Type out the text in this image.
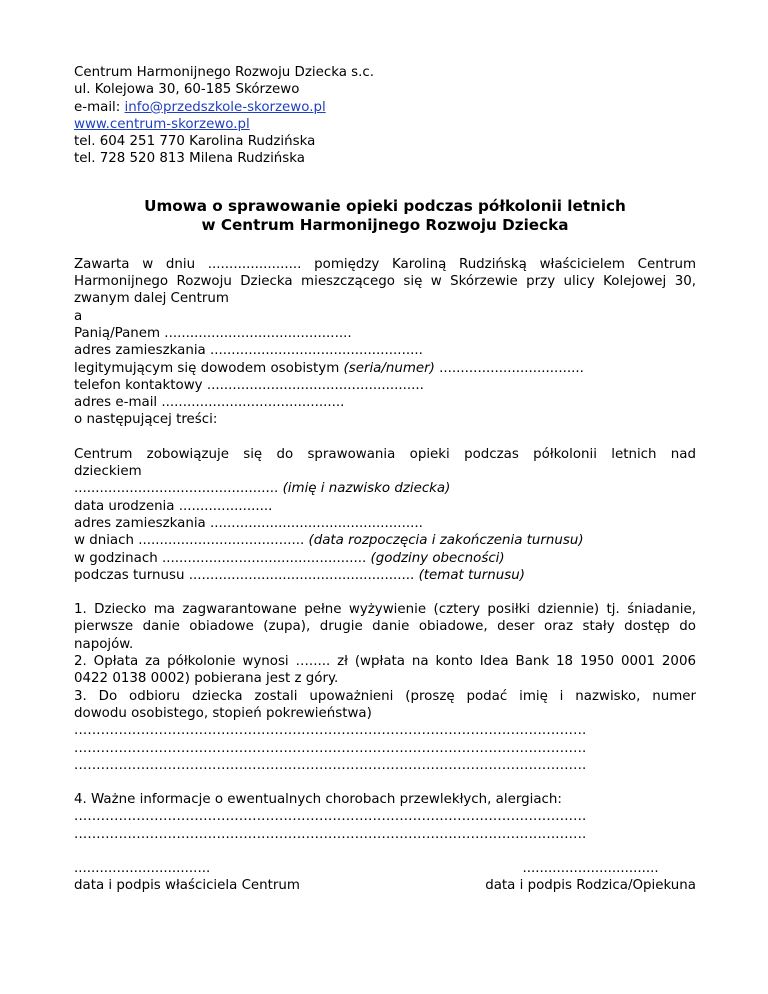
Centrum Harmonijnego Rozwoju Dziecka s.c.
ul. Kolejowa 30, 60-185 Skórzewo
e-mail: info@przedszkole-skorzewo.pl
www.centrum-skorzewo.pl
tel. 604 251 770 Karolina Rudzińska
tel. 728 520 813 Milena Rudzińska
Umowa o sprawowanie opieki podczas półkolonii letnich
w Centrum Harmonijnego Rozwoju Dziecka
Zawarta w dniu ...................... pomiędzy Karoliną Rudzińską właścicielem Centrum
Harmonijnego Rozwoju Dziecka mieszczącego się w Skórzewie przy ulicy Kolejowej 30,
zwanym dalej Centrum
a
Panią/Panem ............................................
adres zamieszkania ..................................................
legitymującym się dowodem osobistym (seria/numer) ..................................
telefon kontaktowy ...................................................
adres e-mail ...........................................
o następującej treści:
Centrum zobowiązuje się do sprawowania opieki podczas półkolonii letnich nad
dzieckiem
................................................ (imię i nazwisko dziecka)
data urodzenia ......................
adres zamieszkania ..................................................
w dniach ....................................... (data rozpoczęcia i zakończenia turnusu)
w godzinach ................................................ (godziny obecności)
podczas turnusu ..................................................... (temat turnusu)
1. Dziecko ma zagwarantowane pełne wyżywienie (cztery posiłki dziennie) tj. śniadanie,
pierwsze danie obiadowe (zupa), drugie danie obiadowe, deser oraz stały dostęp do
napojów.
2. Opłata za półkolonie wynosi …..... zł (wpłata na konto Idea Bank 18 1950 0001 2006
0422 0138 0002) pobierana jest z góry.
3. Do odbioru dziecka zostali upoważnieni (proszę podać imię i nazwisko, numer
dowodu osobistego, stopień pokrewieństwa)
...................................................................................................................
...................................................................................................................
...................................................................................................................
4. Ważne informacje o ewentualnych chorobach przewlekłych, alergiach:
...................................................................................................................
...................................................................................................................
................................
data i podpis właściciela Centrum
................................
data i podpis Rodzica/Opiekuna
